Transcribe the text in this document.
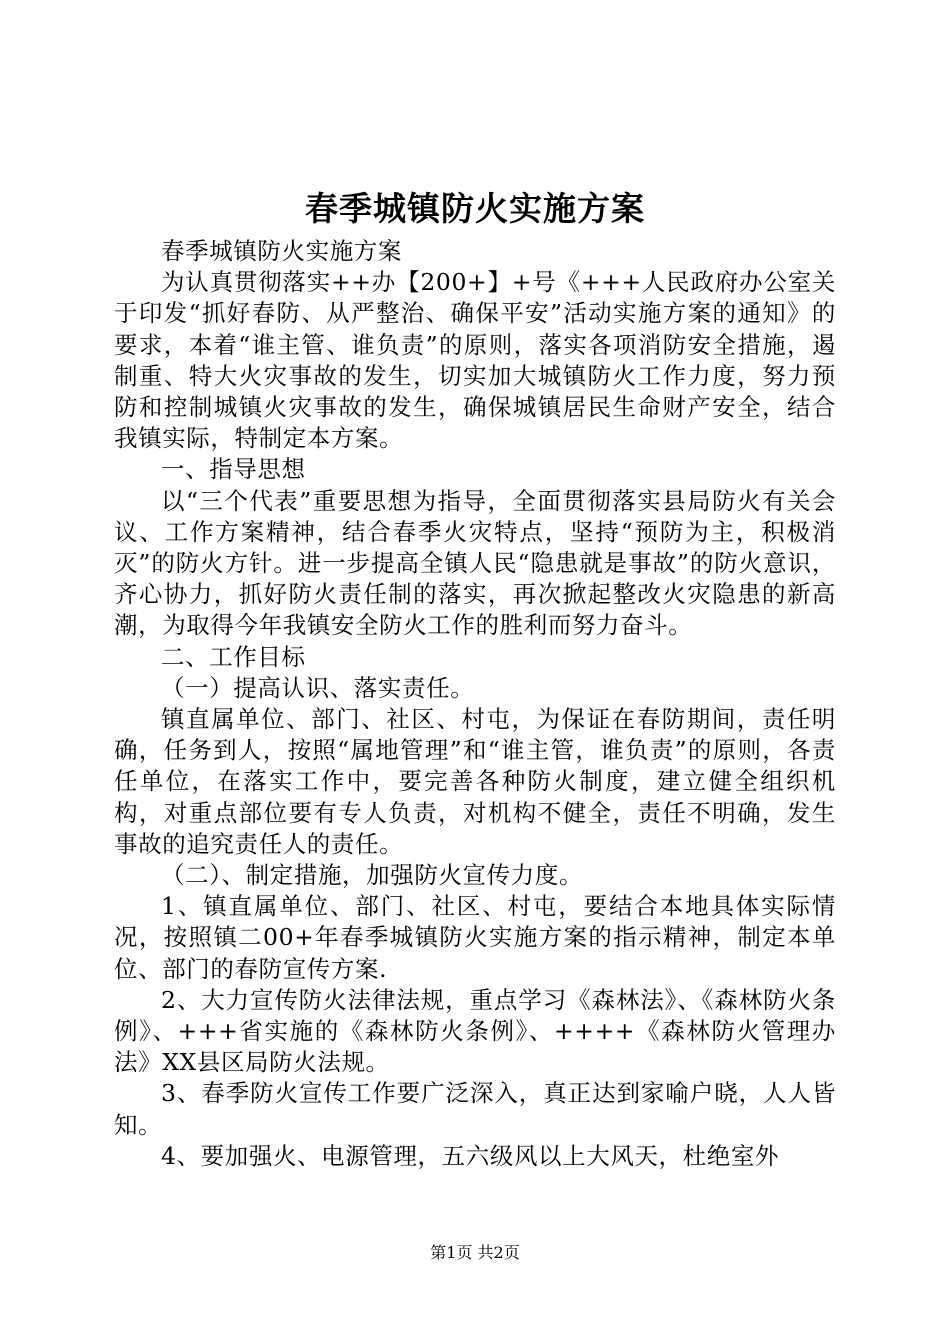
春季城镇防火实施方案

春季城镇防火实施方案

为认真贯彻落实++办【200+】+号《+++人民政府办公室关于印发“抓好春防、从严整治、确保平安”活动实施方案的通知》的要求，本着“谁主管、谁负责”的原则，落实各项消防安全措施，遏制重、特大火灾事故的发生，切实加大城镇防火工作力度，努力预防和控制城镇火灾事故的发生，确保城镇居民生命财产安全，结合我镇实际，特制定本方案。

一、指导思想

以“三个代表”重要思想为指导，全面贯彻落实县局防火有关会议、工作方案精神，结合春季火灾特点，坚持“预防为主，积极消灭”的防火方针。进一步提高全镇人民“隐患就是事故”的防火意识，齐心协力，抓好防火责任制的落实，再次掀起整改火灾隐患的新高潮，为取得今年我镇安全防火工作的胜利而努力奋斗。

二、工作目标

（一）提高认识、落实责任。

镇直属单位、部门、社区、村屯，为保证在春防期间，责任明确，任务到人，按照“属地管理”和“谁主管，谁负责”的原则，各责任单位，在落实工作中，要完善各种防火制度，建立健全组织机构，对重点部位要有专人负责，对机构不健全，责任不明确，发生事故的追究责任人的责任。

（二）、制定措施，加强防火宣传力度。

1、镇直属单位、部门、社区、村屯，要结合本地具体实际情况，按照镇二00+年春季城镇防火实施方案的指示精神，制定本单位、部门的春防宣传方案.

2、大力宣传防火法律法规，重点学习《森林法》、《森林防火条例》、+++省实施的《森林防火条例》、++++《森林防火管理办法》XX县区局防火法规。

3、春季防火宣传工作要广泛深入，真正达到家喻户晓，人人皆知。

4、要加强火、电源管理，五六级风以上大风天，杜绝室外

第1页 共2页
